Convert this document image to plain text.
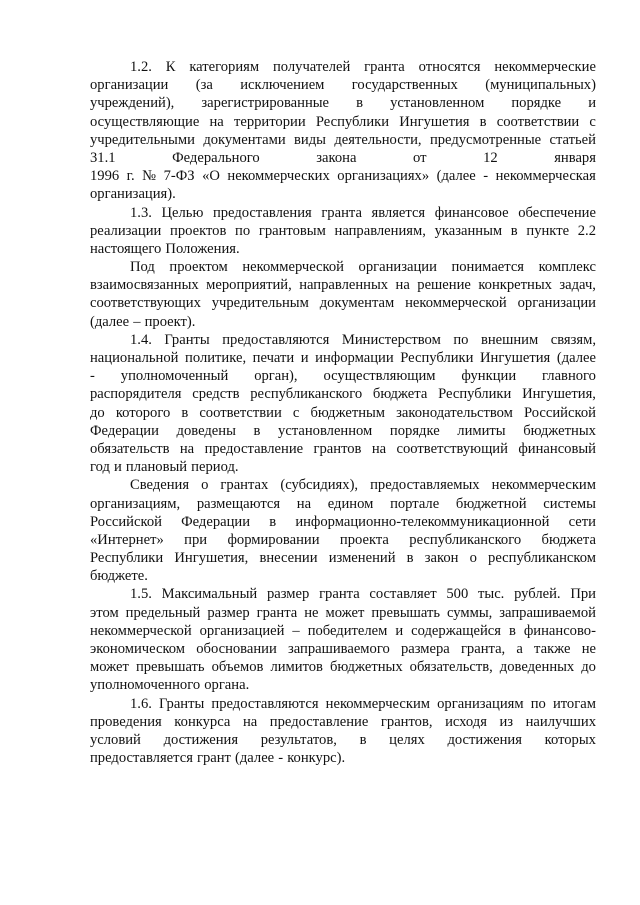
1.2. К категориям получателей гранта относятся некоммерческие
организации (за исключением государственных (муниципальных)
учреждений), зарегистрированные в установленном порядке и
осуществляющие на территории Республики Ингушетия в соответствии с
учредительными документами виды деятельности, предусмотренные статьей
31.1	Федерального	закона	от	12	января
1996 г. № 7-ФЗ «О некоммерческих организациях» (далее - некоммерческая
организация).
1.3. Целью предоставления гранта является финансовое обеспечение
реализации проектов по грантовым направлениям, указанным в пункте 2.2
настоящего Положения.
Под проектом некоммерческой организации понимается комплекс
взаимосвязанных мероприятий, направленных на решение конкретных задач,
соответствующих учредительным документам некоммерческой организации
(далее – проект).
1.4. Гранты предоставляются Министерством по внешним связям,
национальной политике, печати и информации Республики Ингушетия (далее
- уполномоченный орган), осуществляющим функции главного
распорядителя средств республиканского бюджета Республики Ингушетия,
до которого в соответствии с бюджетным законодательством Российской
Федерации доведены в установленном порядке лимиты бюджетных
обязательств на предоставление грантов на соответствующий финансовый
год и плановый период.
Сведения о грантах (субсидиях), предоставляемых некоммерческим
организациям, размещаются на едином портале бюджетной системы
Российской Федерации в информационно-телекоммуникационной сети
«Интернет» при формировании проекта республиканского бюджета
Республики Ингушетия, внесении изменений в закон о республиканском
бюджете.
1.5. Максимальный размер гранта составляет 500 тыс. рублей. При
этом предельный размер гранта не может превышать суммы, запрашиваемой
некоммерческой организацией – победителем и содержащейся в финансово-
экономическом обосновании запрашиваемого размера гранта, а также не
может превышать объемов лимитов бюджетных обязательств, доведенных до
уполномоченного органа.
1.6. Гранты предоставляются некоммерческим организациям по итогам
проведения конкурса на предоставление грантов, исходя из наилучших
условий достижения результатов, в целях достижения которых
предоставляется грант (далее - конкурс).
